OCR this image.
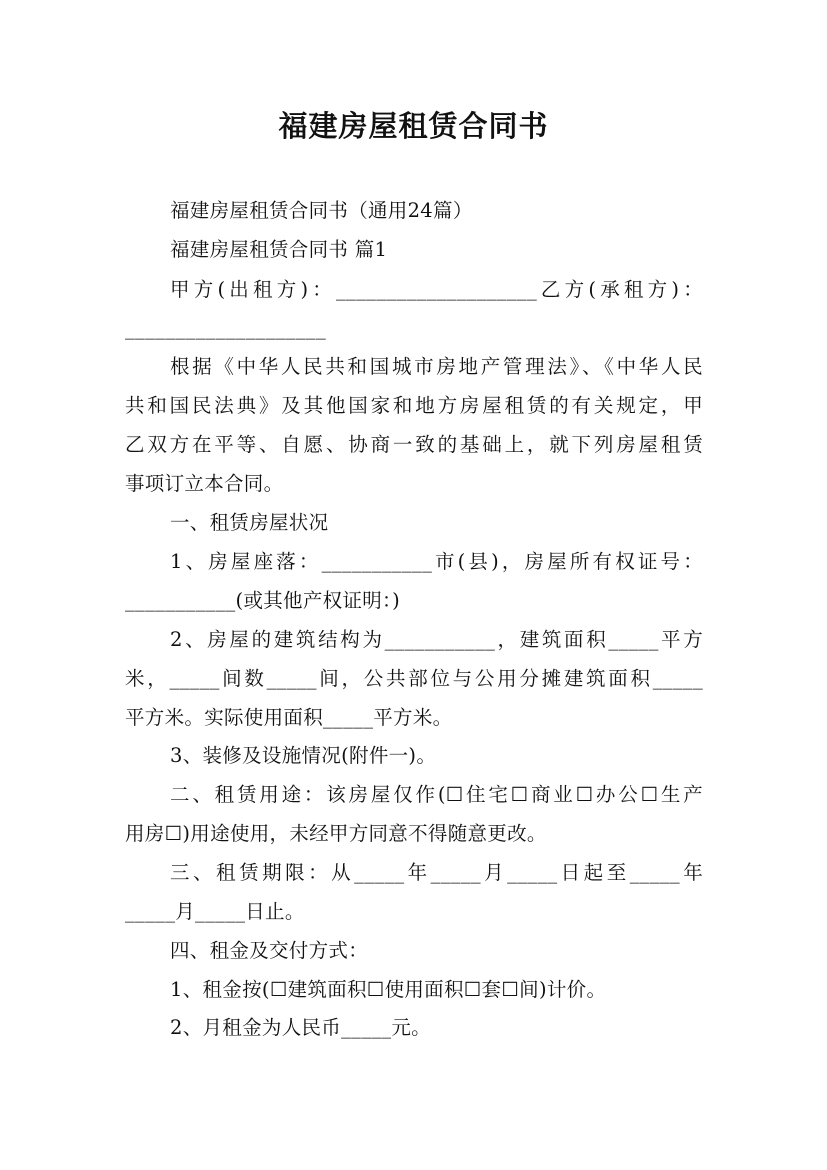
福建房屋租赁合同书
福建房屋租赁合同书（通用24篇）
福建房屋租赁合同书 篇1
甲方(出租方)：____________________乙方(承租方)：
____________________
根据《中华人民共和国城市房地产管理法》、《中华人民
共和国民法典》及其他国家和地方房屋租赁的有关规定，甲
乙双方在平等、自愿、协商一致的基础上，就下列房屋租赁
事项订立本合同。
一、租赁房屋状况
1、房屋座落：___________市(县)，房屋所有权证号：
___________(或其他产权证明：)
2、房屋的建筑结构为___________，建筑面积_____平方
米，_____间数_____间，公共部位与公用分摊建筑面积_____
平方米。实际使用面积_____平方米。
3、装修及设施情况(附件一)。
二、租赁用途：该房屋仅作(☐住宅☐商业☐办公☐生产
用房☐)用途使用，未经甲方同意不得随意更改。
三、租赁期限：从_____年_____月_____日起至_____年
_____月_____日止。
四、租金及交付方式：
1、租金按(☐建筑面积☐使用面积☐套☐间)计价。
2、月租金为人民币_____元。
